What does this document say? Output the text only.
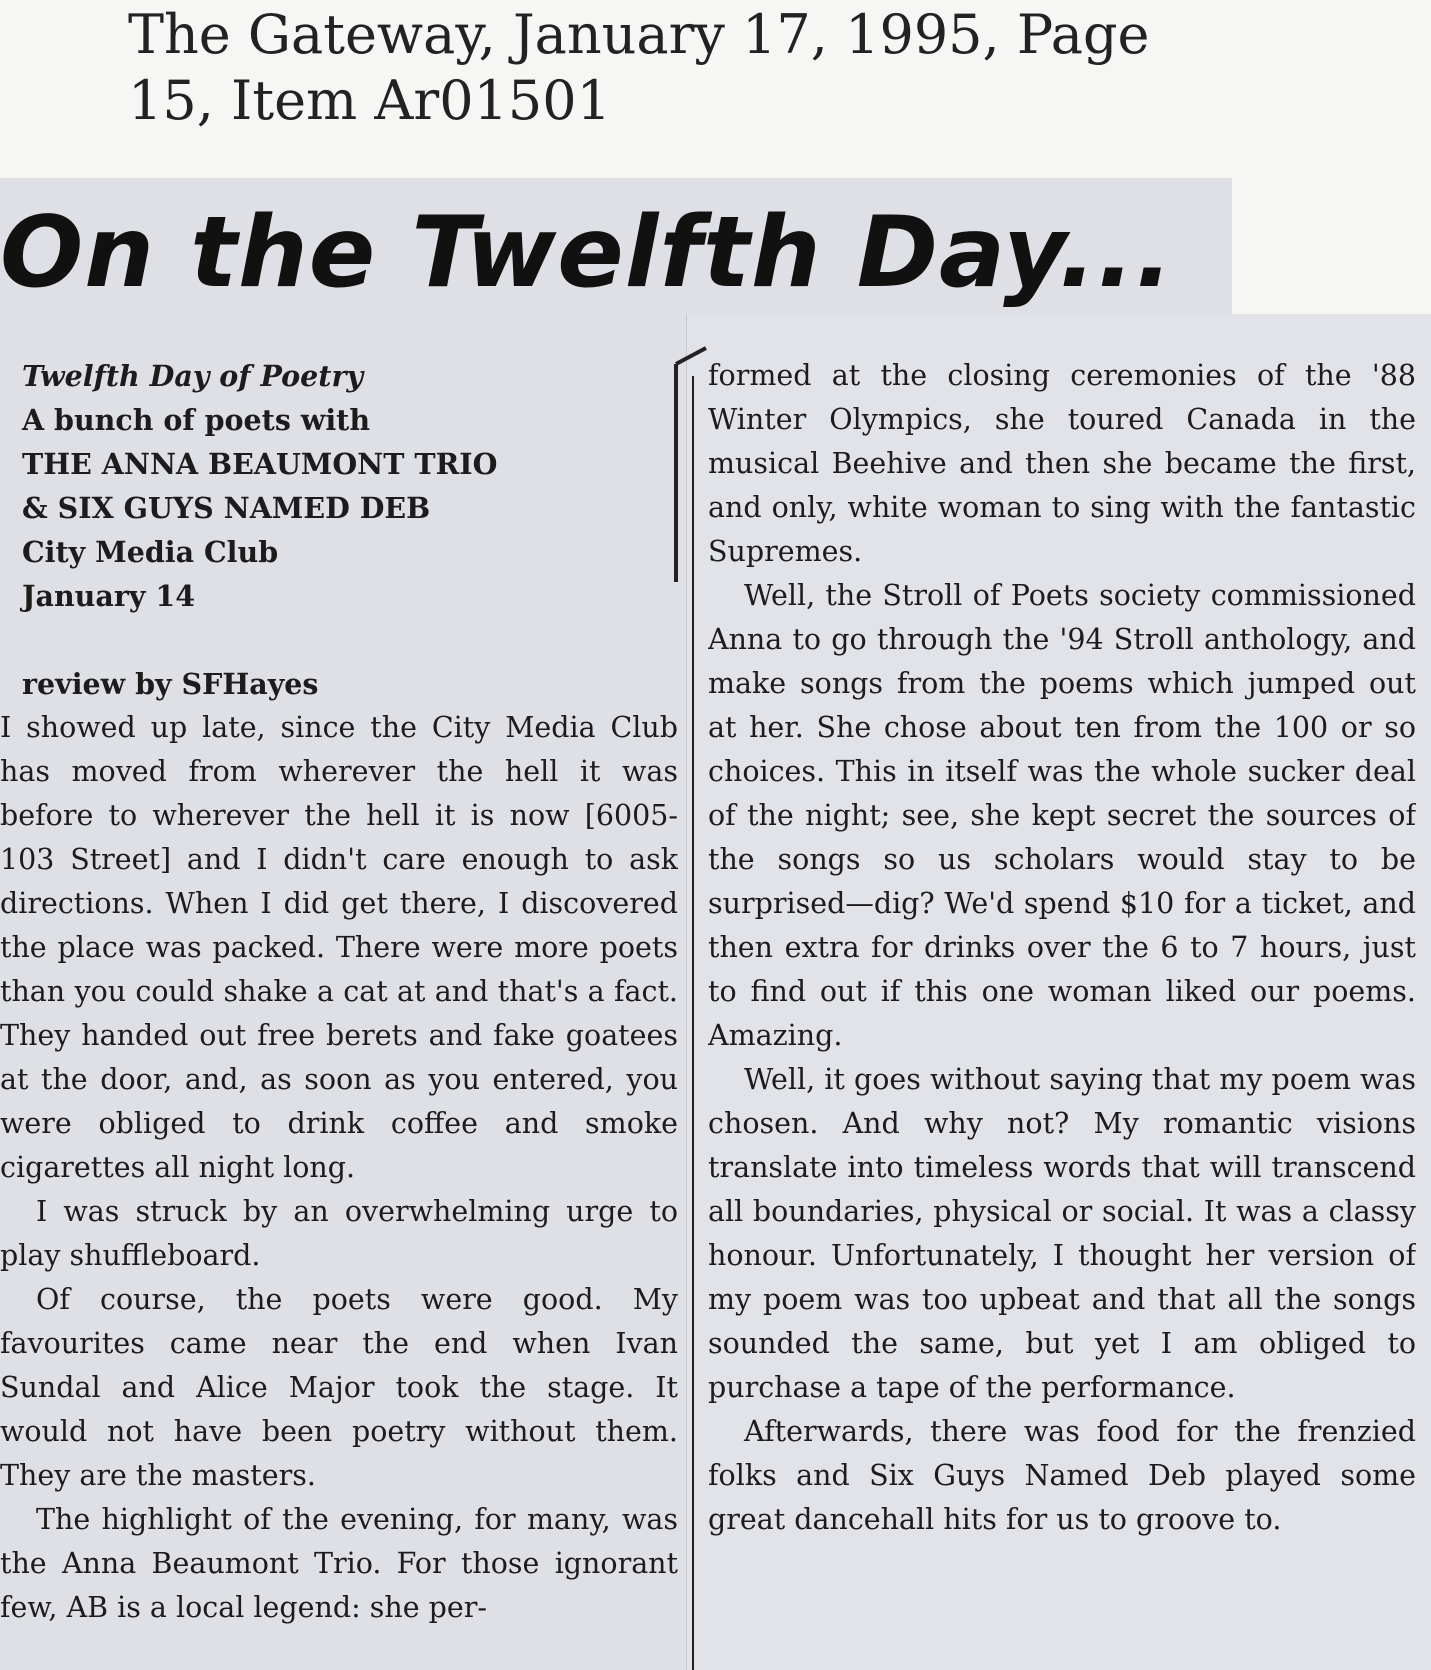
The Gateway, January 17, 1995, Page 15, Item Ar01501
On the Twelfth Day...
Twelfth Day of Poetry
A bunch of poets with
THE ANNA BEAUMONT TRIO
& SIX GUYS NAMED DEB
City Media Club
January 14
review by SFHayes

I showed up late, since the City Media Club has moved from wherever the hell it was before to wherever the hell it is now [6005-103 Street] and I didn't care enough to ask directions. When I did get there, I discovered the place was packed. There were more poets than you could shake a cat at and that's a fact. They handed out free berets and fake goatees at the door, and, as soon as you entered, you were obliged to drink coffee and smoke cigarettes all night long.

I was struck by an overwhelming urge to play shuffleboard.

Of course, the poets were good. My favourites came near the end when Ivan Sundal and Alice Major took the stage. It would not have been poetry without them. They are the masters.

The highlight of the evening, for many, was the Anna Beaumont Trio. For those ignorant few, AB is a local legend: she per-

formed at the closing ceremonies of the '88 Winter Olympics, she toured Canada in the musical Beehive and then she became the first, and only, white woman to sing with the fantastic Supremes.

Well, the Stroll of Poets society commissioned Anna to go through the '94 Stroll anthology, and make songs from the poems which jumped out at her. She chose about ten from the 100 or so choices. This in itself was the whole sucker deal of the night; see, she kept secret the sources of the songs so us scholars would stay to be surprised—dig? We'd spend $10 for a ticket, and then extra for drinks over the 6 to 7 hours, just to find out if this one woman liked our poems. Amazing.

Well, it goes without saying that my poem was chosen. And why not? My romantic visions translate into timeless words that will transcend all boundaries, physical or social. It was a classy honour. Unfortunately, I thought her version of my poem was too upbeat and that all the songs sounded the same, but yet I am obliged to purchase a tape of the performance.

Afterwards, there was food for the frenzied folks and Six Guys Named Deb played some great dancehall hits for us to groove to.
